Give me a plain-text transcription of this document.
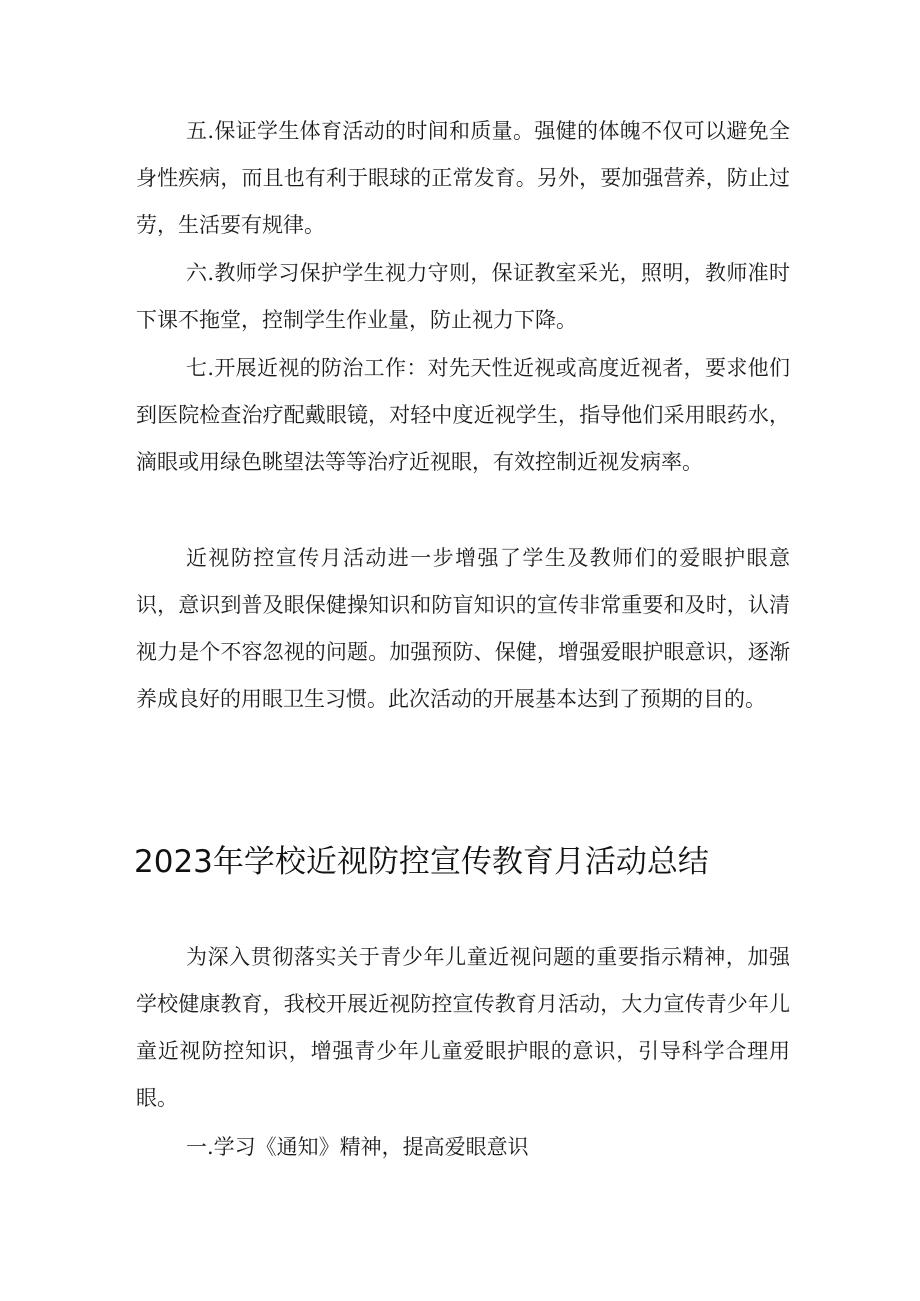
五.保证学生体育活动的时间和质量。强健的体魄不仅可以避免全身性疾病，而且也有利于眼球的正常发育。另外，要加强营养，防止过劳，生活要有规律。

六.教师学习保护学生视力守则，保证教室采光，照明，教师准时下课不拖堂，控制学生作业量，防止视力下降。

七.开展近视的防治工作：对先天性近视或高度近视者，要求他们到医院检查治疗配戴眼镜，对轻中度近视学生，指导他们采用眼药水，滴眼或用绿色眺望法等等治疗近视眼，有效控制近视发病率。

近视防控宣传月活动进一步增强了学生及教师们的爱眼护眼意识，意识到普及眼保健操知识和防盲知识的宣传非常重要和及时，认清视力是个不容忽视的问题。加强预防、保健，增强爱眼护眼意识，逐渐养成良好的用眼卫生习惯。此次活动的开展基本达到了预期的目的。

2023年学校近视防控宣传教育月活动总结

为深入贯彻落实关于青少年儿童近视问题的重要指示精神，加强学校健康教育，我校开展近视防控宣传教育月活动，大力宣传青少年儿童近视防控知识，增强青少年儿童爱眼护眼的意识，引导科学合理用眼。

一.学习《通知》精神，提高爱眼意识
